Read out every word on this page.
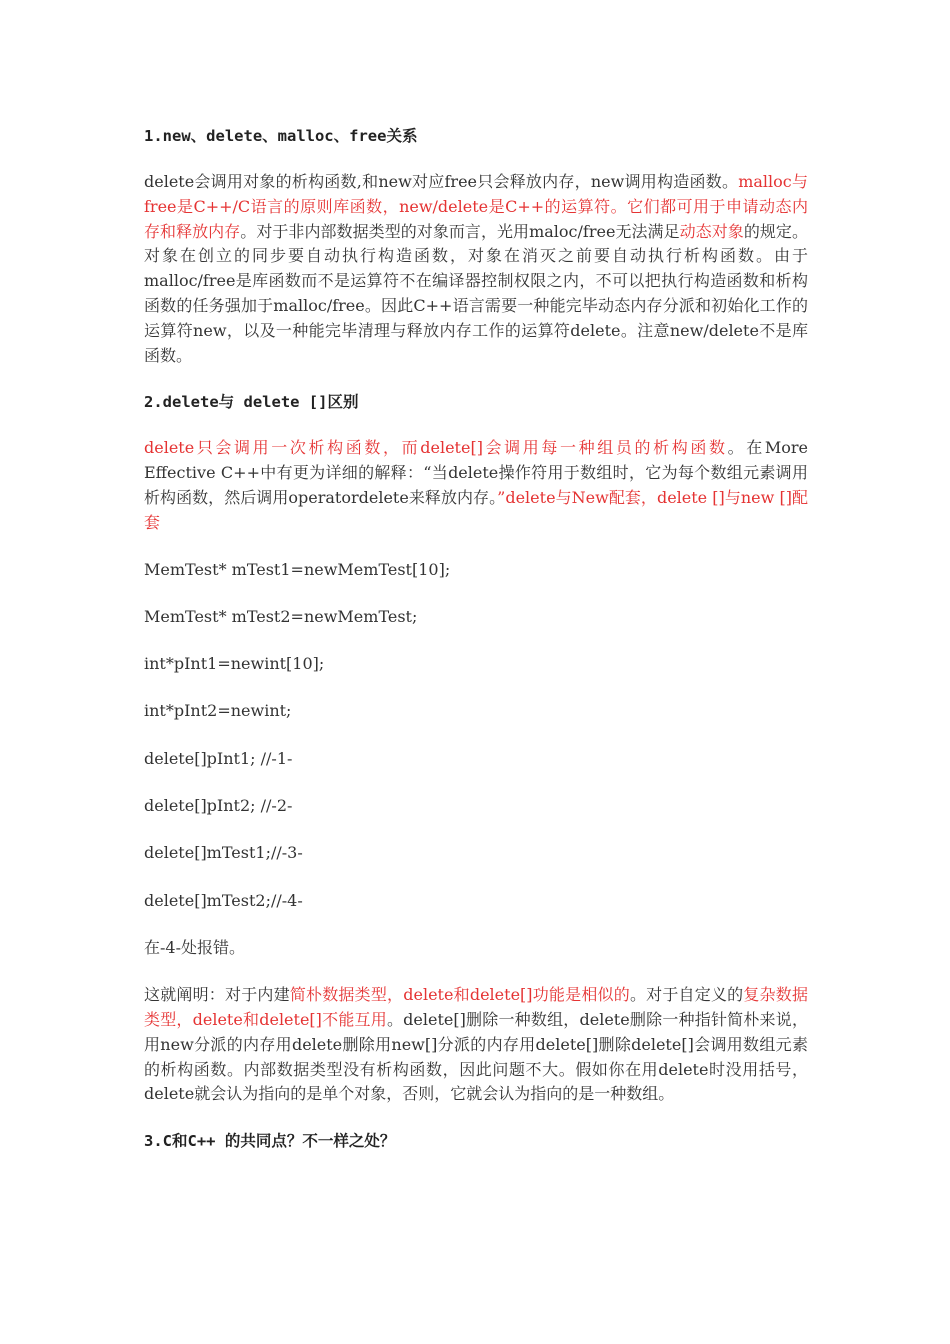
1.new、delete、malloc、free关系
delete会调用对象的析构函数,和new对应free只会释放内存，new调用构造函数。malloc与free是C++/C语言的原则库函数，new/delete是C++的运算符。它们都可用于申请动态内存和释放内存。对于非内部数据类型的对象而言，光用maloc/free无法满足动态对象的规定。对象在创立的同步要自动执行构造函数，对象在消灭之前要自动执行析构函数。由于malloc/free是库函数而不是运算符不在编译器控制权限之内，不可以把执行构造函数和析构函数的任务强加于malloc/free。因此C++语言需要一种能完毕动态内存分派和初始化工作的运算符new，以及一种能完毕清理与释放内存工作的运算符delete。注意new/delete不是库函数。
2.delete与 delete []区别
delete只会调用一次析构函数，而delete[]会调用每一种组员的析构函数。在More Effective C++中有更为详细的解释：“当delete操作符用于数组时，它为每个数组元素调用析构函数，然后调用operatordelete来释放内存。”delete与New配套，delete []与new []配套
MemTest* mTest1=newMemTest[10];
MemTest* mTest2=newMemTest;
int*pInt1=newint[10];
int*pInt2=newint;
delete[]pInt1; //-1-
delete[]pInt2; //-2-
delete[]mTest1;//-3-
delete[]mTest2;//-4-
在-4-处报错。
这就阐明：对于内建简朴数据类型，delete和delete[]功能是相似的。对于自定义的复杂数据类型，delete和delete[]不能互用。delete[]删除一种数组，delete删除一种指针简朴来说，用new分派的内存用delete删除用new[]分派的内存用delete[]删除delete[]会调用数组元素的析构函数。内部数据类型没有析构函数，因此问题不大。假如你在用delete时没用括号，delete就会认为指向的是单个对象，否则，它就会认为指向的是一种数组。
3.C和C++ 的共同点？不一样之处？
